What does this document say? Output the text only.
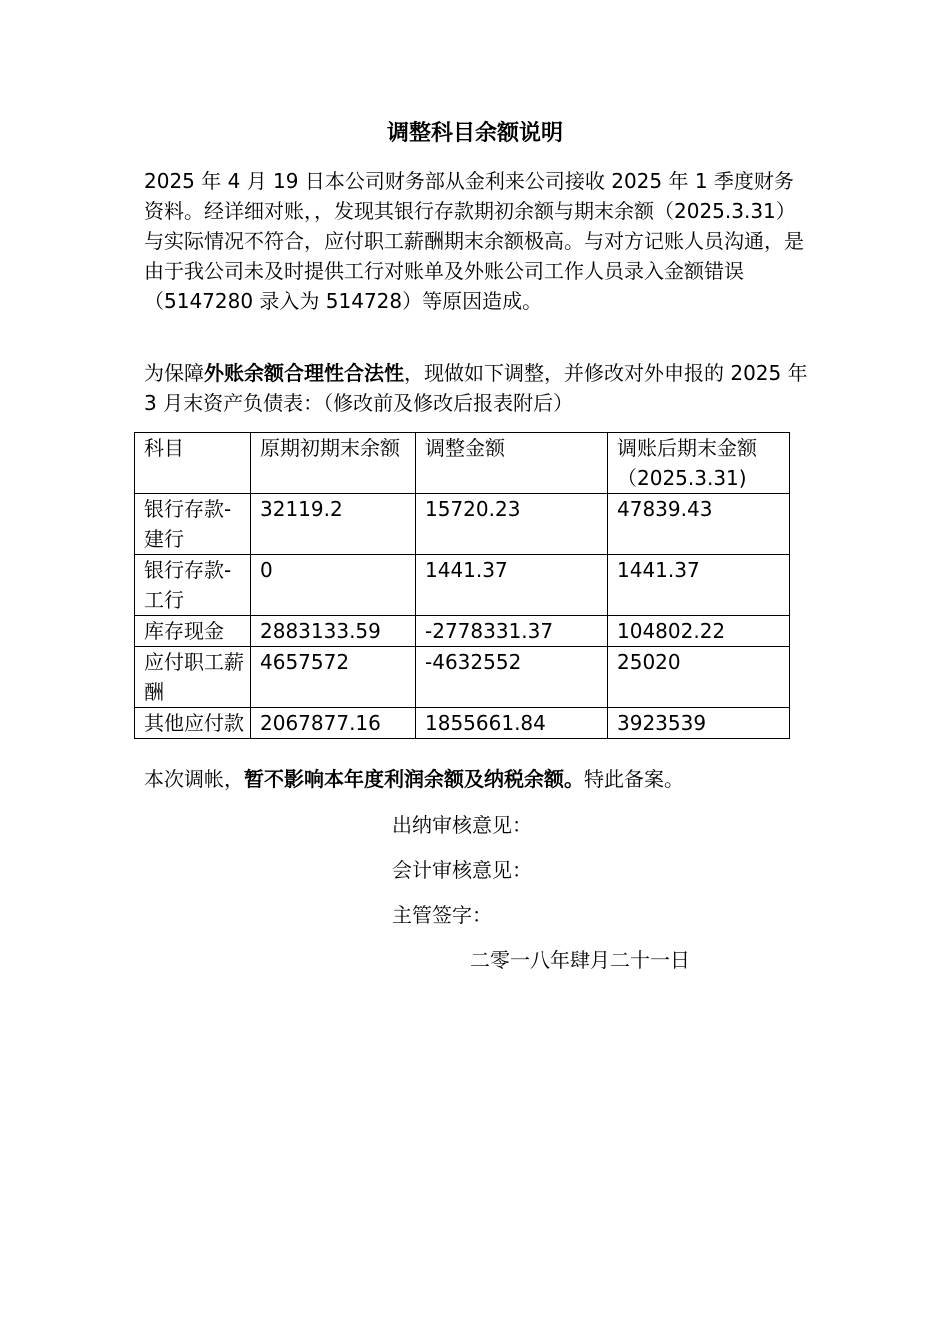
调整科目余额说明
2025 年 4 月 19 日本公司财务部从金利来公司接收 2025 年 1 季度财务资料。经详细对账，，发现其银行存款期初余额与期末余额（2025.3.31）与实际情况不符合，应付职工薪酬期末余额极高。与对方记账人员沟通，是由于我公司未及时提供工行对账单及外账公司工作人员录入金额错误（5147280 录入为 514728）等原因造成。
为保障外账余额合理性合法性，现做如下调整，并修改对外申报的 2025 年 3 月末资产负债表：（修改前及修改后报表附后）
科目	原期初期末余额	调整金额	调账后期末金额（2025.3.31)
银行存款-建行	32119.2	15720.23	47839.43
银行存款-工行	0	1441.37	1441.37
库存现金	2883133.59	-2778331.37	104802.22
应付职工薪酬	4657572	-4632552	25020
其他应付款	2067877.16	1855661.84	3923539
本次调帐，暂不影响本年度利润余额及纳税余额。特此备案。
出纳审核意见：
会计审核意见：
主管签字：
二零一八年肆月二十一日
